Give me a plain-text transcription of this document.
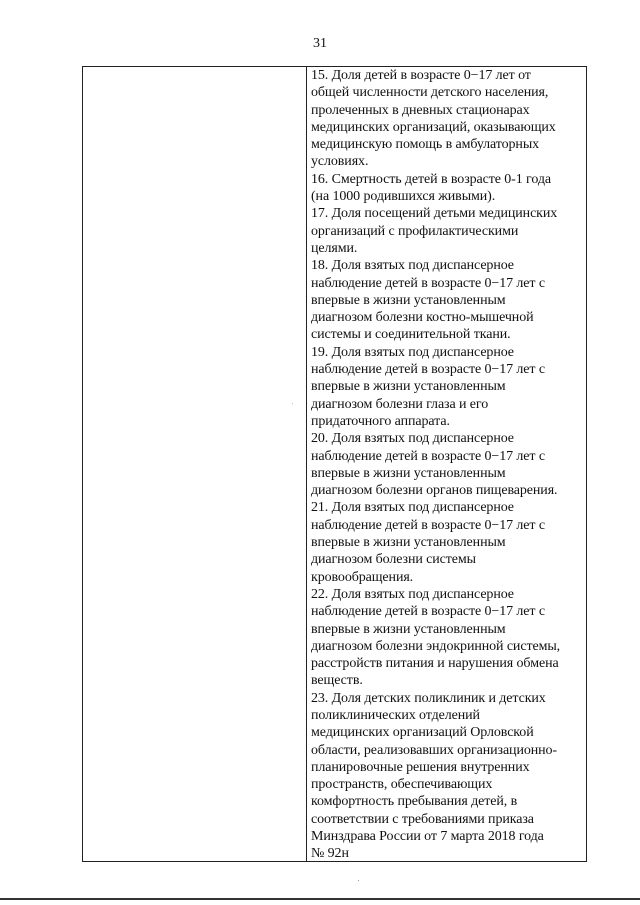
31
15. Доля детей в возрасте 0−17 лет от
общей численности детского населения,
пролеченных в дневных стационарах
медицинских организаций, оказывающих
медицинскую помощь в амбулаторных
условиях.
16. Смертность детей в возрасте 0-1 года
(на 1000 родившихся живыми).
17. Доля посещений детьми медицинских
организаций с профилактическими
целями.
18. Доля взятых под диспансерное
наблюдение детей в возрасте 0−17 лет с
впервые в жизни установленным
диагнозом болезни костно-мышечной
системы и соединительной ткани.
19. Доля взятых под диспансерное
наблюдение детей в возрасте 0−17 лет с
впервые в жизни установленным
диагнозом болезни глаза и его
придаточного аппарата.
20. Доля взятых под диспансерное
наблюдение детей в возрасте 0−17 лет с
впервые в жизни установленным
диагнозом болезни органов пищеварения.
21. Доля взятых под диспансерное
наблюдение детей в возрасте 0−17 лет с
впервые в жизни установленным
диагнозом болезни системы
кровообращения.
22. Доля взятых под диспансерное
наблюдение детей в возрасте 0−17 лет с
впервые в жизни установленным
диагнозом болезни эндокринной системы,
расстройств питания и нарушения обмена
веществ.
23. Доля детских поликлиник и детских
поликлинических отделений
медицинских организаций Орловской
области, реализовавших организационно-
планировочные решения внутренних
пространств, обеспечивающих
комфортность пребывания детей, в
соответствии с требованиями приказа
Минздрава России от 7 марта 2018 года
№ 92н
